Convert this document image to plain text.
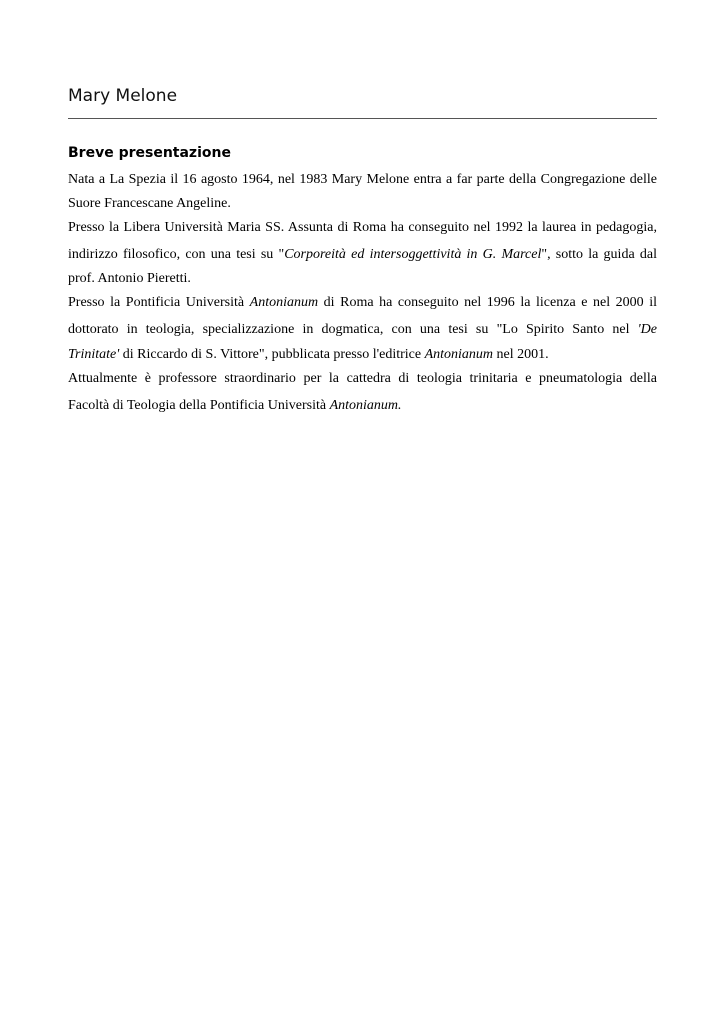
Mary Melone
Breve presentazione
Nata a La Spezia il 16 agosto 1964, nel 1983 Mary Melone entra a far parte della Congregazione delle
Suore Francescane Angeline.
Presso la Libera Università Maria SS. Assunta di Roma ha conseguito nel 1992 la laurea in pedagogia,
indirizzo filosofico, con una tesi su "Corporeità ed intersoggettività in G. Marcel", sotto la guida dal
prof. Antonio Pieretti.
Presso la Pontificia Università Antonianum di Roma ha conseguito nel 1996 la licenza e nel 2000 il
dottorato in teologia, specializzazione in dogmatica, con una tesi su "Lo Spirito Santo nel 'De
Trinitate' di Riccardo di S. Vittore", pubblicata presso l'editrice Antonianum nel 2001.
Attualmente è professore straordinario per la cattedra di teologia trinitaria e pneumatologia della
Facoltà di Teologia della Pontificia Università Antonianum.
